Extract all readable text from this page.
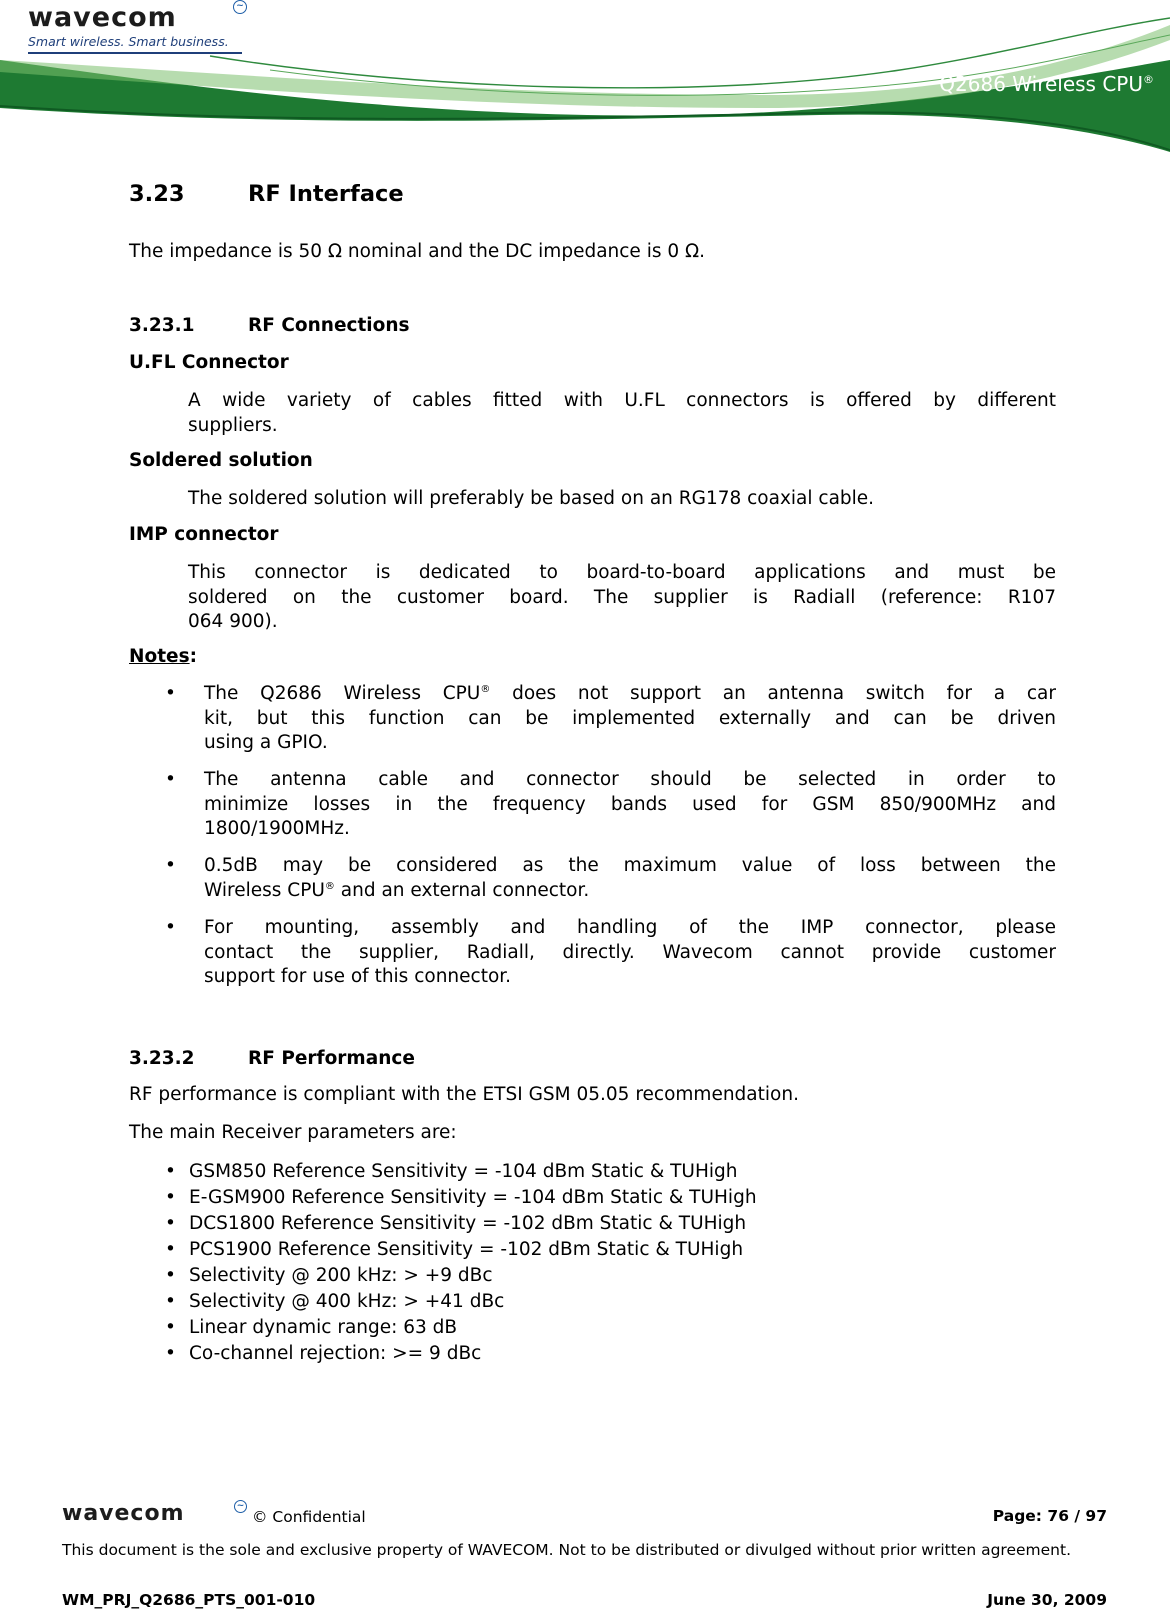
wavecom	~
Smart wireless. Smart business.
Q2686 Wireless CPU®
3.23	RF Interface
The impedance is 50 Ω nominal and the DC impedance is 0 Ω.
3.23.1	RF Connections
U.FL Connector
A wide variety of cables fitted with U.FL connectors is offered by different
suppliers.
Soldered solution
The soldered solution will preferably be based on an RG178 coaxial cable.
IMP connector
This connector is dedicated to board-to-board applications and must be
soldered on the customer board. The supplier is Radiall (reference: R107
064 900).
Notes:
•	The Q2686 Wireless CPU® does not support an antenna switch for a car
kit, but this function can be implemented externally and can be driven
using a GPIO.
•	The antenna cable and connector should be selected in order to
minimize losses in the frequency bands used for GSM 850/900MHz and
1800/1900MHz.
•	0.5dB may be considered as the maximum value of loss between the
Wireless CPU® and an external connector.
•	For mounting, assembly and handling of the IMP connector, please
contact the supplier, Radiall, directly. Wavecom cannot provide customer
support for use of this connector.
3.23.2	RF Performance
RF performance is compliant with the ETSI GSM 05.05 recommendation.
The main Receiver parameters are:
• GSM850 Reference Sensitivity = -104 dBm Static & TUHigh
• E-GSM900 Reference Sensitivity = -104 dBm Static & TUHigh
• DCS1800 Reference Sensitivity = -102 dBm Static & TUHigh
• PCS1900 Reference Sensitivity = -102 dBm Static & TUHigh
• Selectivity @ 200 kHz: > +9 dBc
• Selectivity @ 400 kHz: > +41 dBc
• Linear dynamic range: 63 dB
• Co-channel rejection: >= 9 dBc
wavecom	~
© Confidential	Page: 76 / 97
This document is the sole and exclusive property of WAVECOM. Not to be distributed or divulged without prior written agreement.
WM_PRJ_Q2686_PTS_001-010	June 30, 2009
